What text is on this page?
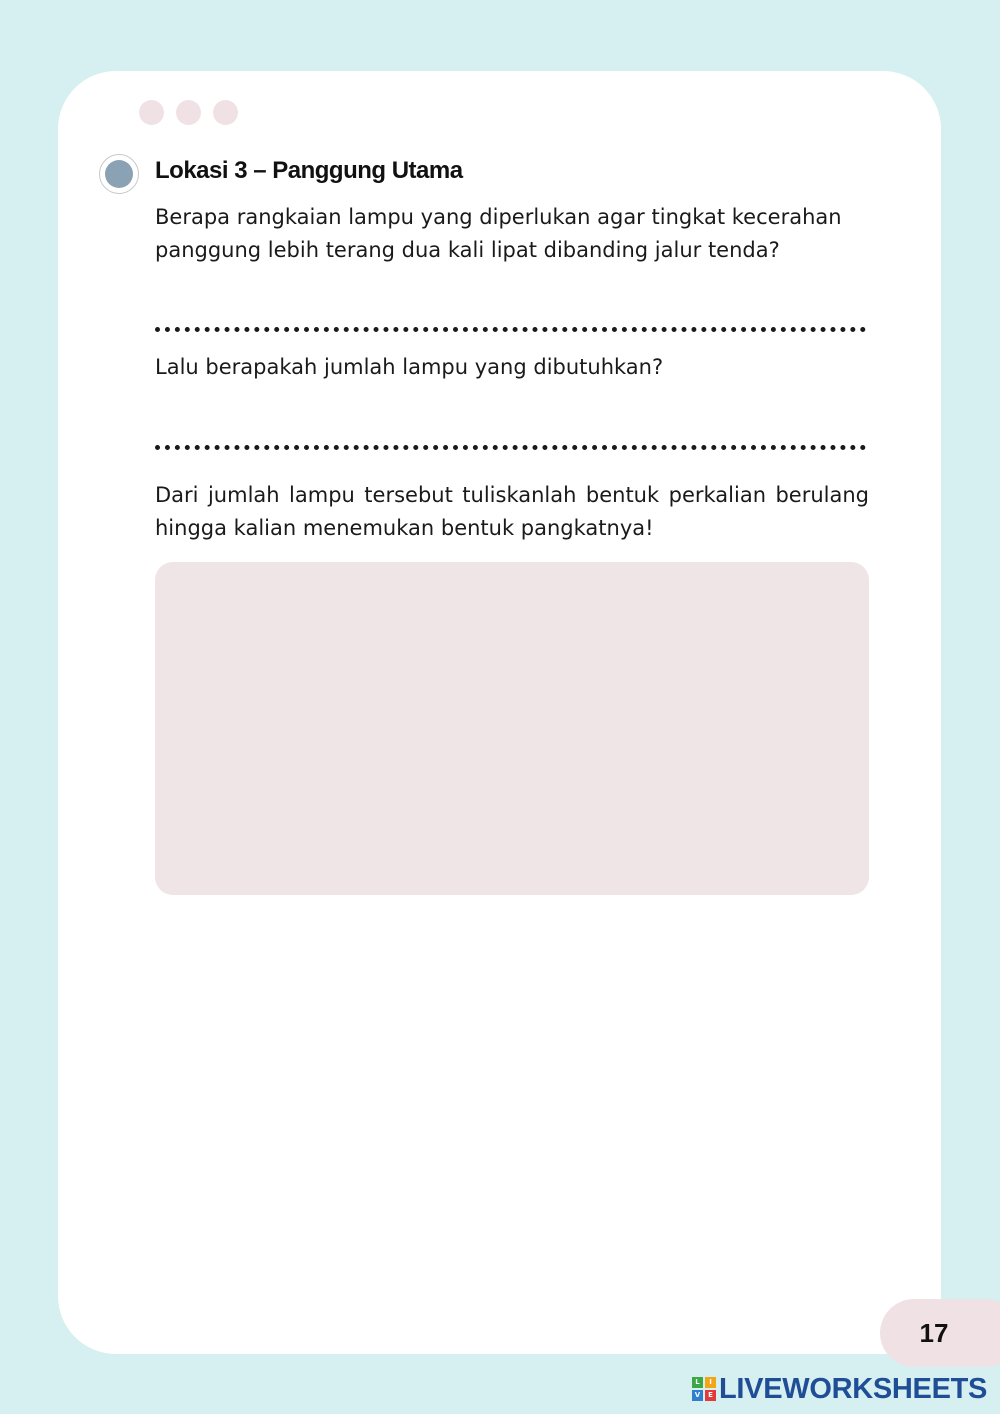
Lokasi 3 – Panggung Utama

Berapa rangkaian lampu yang diperlukan agar tingkat kecerahan panggung lebih terang dua kali lipat dibanding jalur tenda?

Lalu berapakah jumlah lampu yang dibutuhkan?

Dari jumlah lampu tersebut tuliskanlah bentuk perkalian berulang hingga kalian menemukan bentuk pangkatnya!

17
L	I
V	E LIVEWORKSHEETS
